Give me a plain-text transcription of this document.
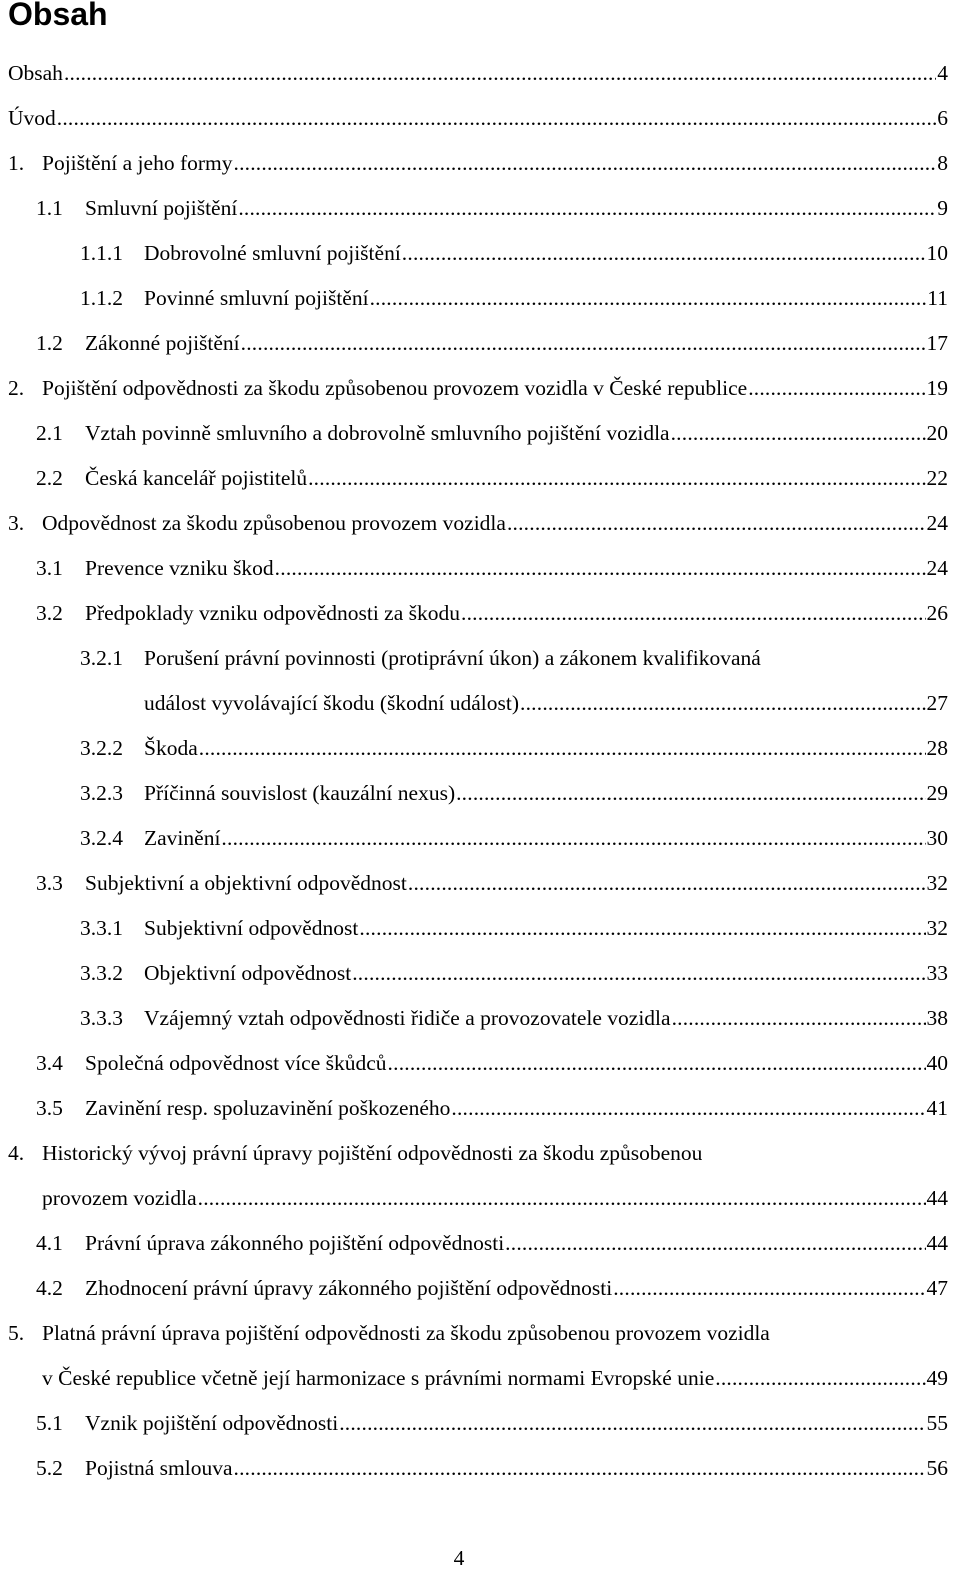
Obsah
Obsah .....	4
Úvod .....	6
1. Pojištění a jeho formy .....	8
1.1	Smluvní pojištění .....	9
1.1.1 Dobrovolné smluvní pojištění .....	10
1.1.2 Povinné smluvní pojištění .....	11
1.2	Zákonné pojištění .....	17
2. Pojištění odpovědnosti za škodu způsobenou provozem vozidla v České republice .....	19
2.1	Vztah povinně smluvního a dobrovolně smluvního pojištění vozidla .....	20
2.2	Česká kancelář pojistitelů .....	22
3. Odpovědnost za škodu způsobenou provozem vozidla .....	24
3.1	Prevence vzniku škod .....	24
3.2	Předpoklady vzniku odpovědnosti za škodu .....	26
3.2.1 Porušení právní povinnosti (protiprávní úkon) a zákonem kvalifikovaná
událost vyvolávající škodu (škodní událost) .....	27
3.2.2 Škoda .....	28
3.2.3 Příčinná souvislost (kauzální nexus) .....	29
3.2.4 Zavinění .....	30
3.3	Subjektivní a objektivní odpovědnost .....	32
3.3.1 Subjektivní odpovědnost .....	32
3.3.2 Objektivní odpovědnost .....	33
3.3.3 Vzájemný vztah odpovědnosti řidiče a provozovatele vozidla .....	38
3.4	Společná odpovědnost více škůdců .....	40
3.5	Zavinění resp. spoluzavinění poškozeného .....	41
4. Historický vývoj právní úpravy pojištění odpovědnosti za škodu způsobenou
provozem vozidla .....	44
4.1	Právní úprava zákonného pojištění odpovědnosti .....	44
4.2	Zhodnocení právní úpravy zákonného pojištění odpovědnosti .....	47
5. Platná právní úprava pojištění odpovědnosti za škodu způsobenou provozem vozidla
v České republice včetně její harmonizace s právními normami Evropské unie .....	49
5.1	Vznik pojištění odpovědnosti .....	55
5.2	Pojistná smlouva .....	56
4
